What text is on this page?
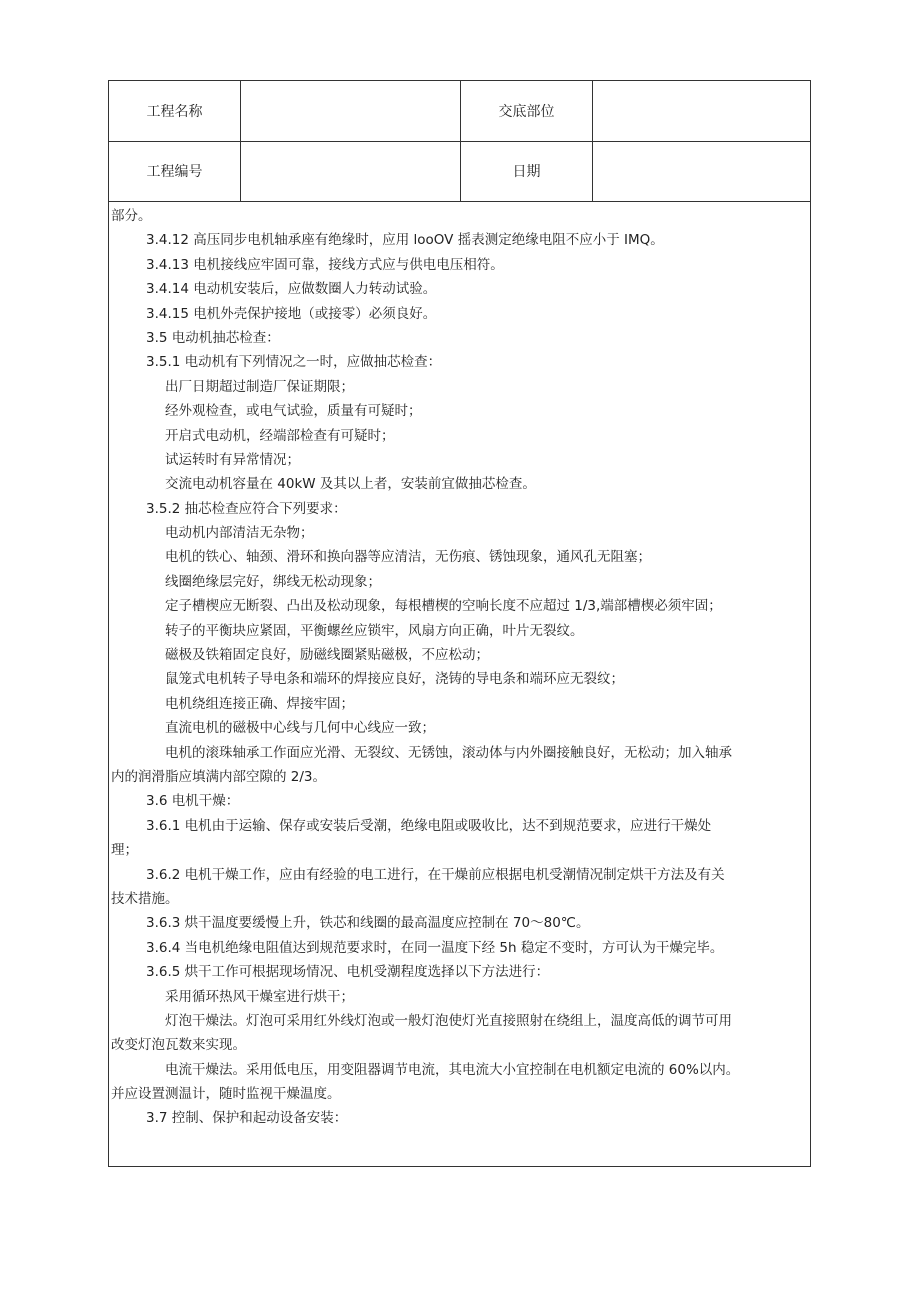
工程名称	交底部位
工程编号	日期
部分。
3.4.12 高压同步电机轴承座有绝缘时，应用 looOV 摇表测定绝缘电阻不应小于 IMQ。
3.4.13 电机接线应牢固可靠，接线方式应与供电电压相符。
3.4.14 电动机安装后，应做数圈人力转动试验。
3.4.15 电机外壳保护接地（或接零）必须良好。
3.5 电动机抽芯检查：
3.5.1 电动机有下列情况之一时，应做抽芯检查：
出厂日期超过制造厂保证期限；
经外观检查，或电气试验，质量有可疑时；
开启式电动机，经端部检查有可疑时；
试运转时有异常情况；
交流电动机容量在 40kW 及其以上者，安装前宜做抽芯检查。
3.5.2 抽芯检查应符合下列要求：
电动机内部清洁无杂物；
电机的铁心、轴颈、滑环和换向器等应清洁，无伤痕、锈蚀现象，通风孔无阻塞；
线圈绝缘层完好，绑线无松动现象；
定子槽楔应无断裂、凸出及松动现象，每根槽楔的空响长度不应超过 1/3,端部槽楔必须牢固；
转子的平衡块应紧固，平衡螺丝应锁牢，风扇方向正确，叶片无裂纹。
磁极及铁箱固定良好，励磁线圈紧贴磁极，不应松动；
鼠笼式电机转子导电条和端环的焊接应良好，浇铸的导电条和端环应无裂纹；
电机绕组连接正确、焊接牢固；
直流电机的磁极中心线与几何中心线应一致；
电机的滚珠轴承工作面应光滑、无裂纹、无锈蚀，滚动体与内外圈接触良好，无松动；加入轴承
内的润滑脂应填满内部空隙的 2/3。
3.6 电机干燥：
3.6.1 电机由于运输、保存或安装后受潮，绝缘电阻或吸收比，达不到规范要求，应进行干燥处
理；
3.6.2 电机干燥工作，应由有经验的电工进行，在干燥前应根据电机受潮情况制定烘干方法及有关
技术措施。
3.6.3 烘干温度要缓慢上升，铁芯和线圈的最高温度应控制在 70～80℃。
3.6.4 当电机绝缘电阻值达到规范要求时，在同一温度下经 5h 稳定不变时，方可认为干燥完毕。
3.6.5 烘干工作可根据现场情况、电机受潮程度选择以下方法进行：
采用循环热风干燥室进行烘干；
灯泡干燥法。灯泡可采用红外线灯泡或一般灯泡使灯光直接照射在绕组上，温度高低的调节可用
改变灯泡瓦数来实现。
电流干燥法。采用低电压，用变阻器调节电流，其电流大小宜控制在电机额定电流的 60%以内。
并应设置测温计，随时监视干燥温度。
3.7 控制、保护和起动设备安装：
